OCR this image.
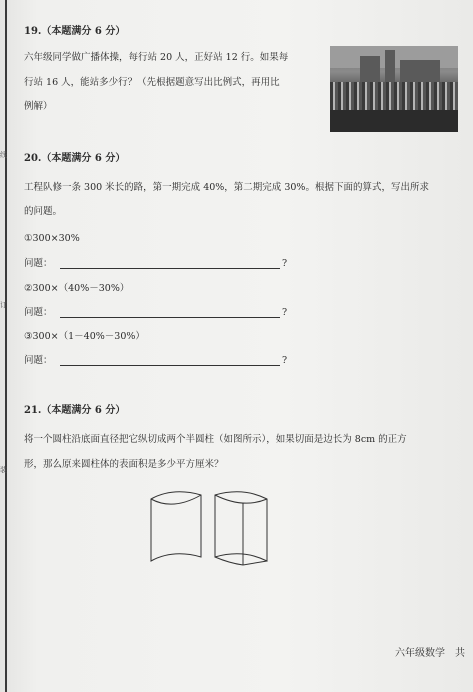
线
订
装
19.（本题满分 6 分）
六年级同学做广播体操，每行站 20 人，正好站 12 行。如果每
行站 16 人，能站多少行？（先根据题意写出比例式，再用比
例解）
20.（本题满分 6 分）
工程队修一条 300 米长的路，第一期完成 40%，第二期完成 30%。根据下面的算式，写出所求
的问题。
①300×30%
问题：	?
②300×（40%－30%）
问题：	?
③300×（1－40%－30%）
问题：	?
21.（本题满分 6 分）
将一个圆柱沿底面直径把它纵切成两个半圆柱（如图所示），如果切面是边长为 8cm 的正方
形，那么原来圆柱体的表面积是多少平方厘米？
六年级数学　共
